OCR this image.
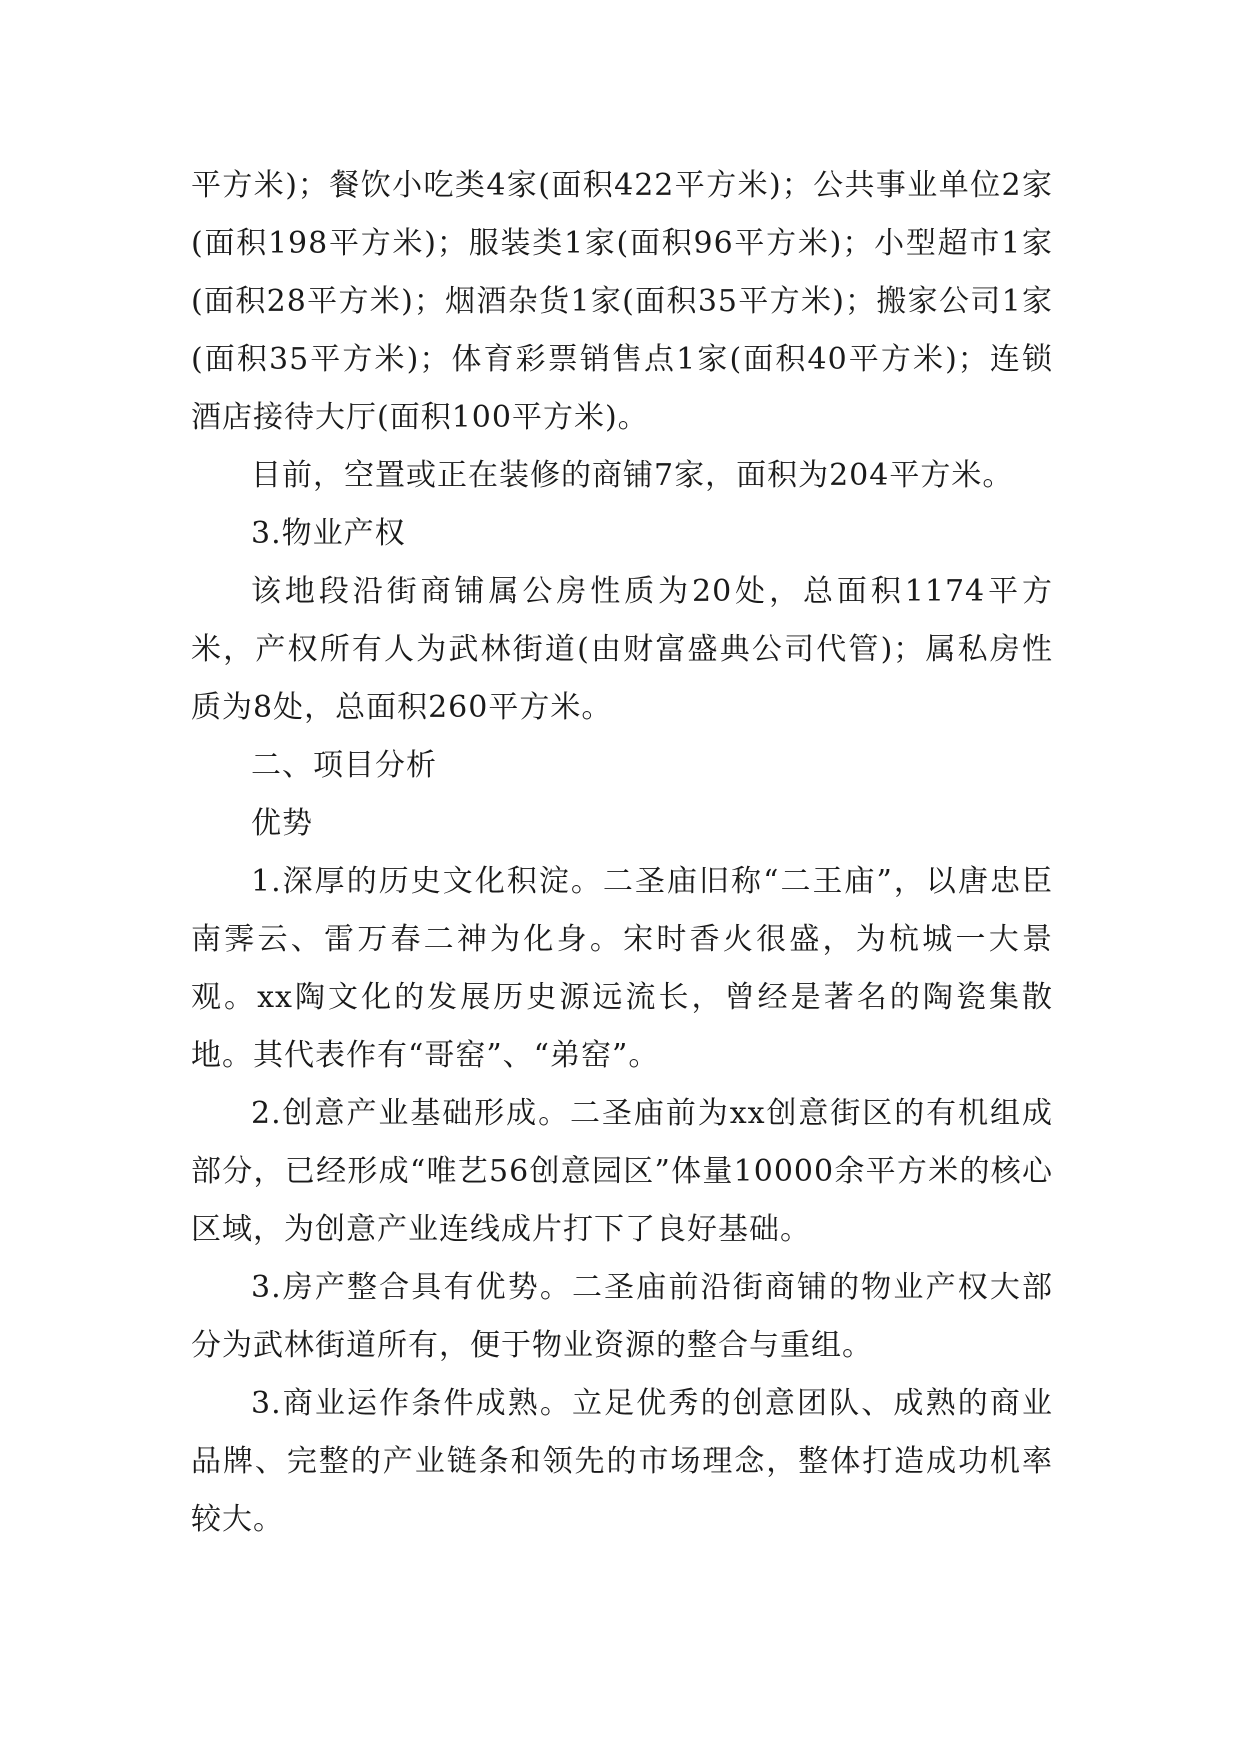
平方米)；餐饮小吃类4家(面积422平方米)；公共事业单位2家(面积198平方米)；服装类1家(面积96平方米)；小型超市1家(面积28平方米)；烟酒杂货1家(面积35平方米)；搬家公司1家(面积35平方米)；体育彩票销售点1家(面积40平方米)；连锁酒店接待大厅(面积100平方米)。

目前，空置或正在装修的商铺7家，面积为204平方米。

3.物业产权

该地段沿街商铺属公房性质为20处，总面积1174平方米，产权所有人为武林街道(由财富盛典公司代管)；属私房性质为8处，总面积260平方米。

二、项目分析

优势

1.深厚的历史文化积淀。二圣庙旧称“二王庙”，以唐忠臣南霁云、雷万春二神为化身。宋时香火很盛，为杭城一大景观。xx陶文化的发展历史源远流长，曾经是著名的陶瓷集散地。其代表作有“哥窑”、“弟窑”。

2.创意产业基础形成。二圣庙前为xx创意街区的有机组成部分，已经形成“唯艺56创意园区”体量10000余平方米的核心区域，为创意产业连线成片打下了良好基础。

3.房产整合具有优势。二圣庙前沿街商铺的物业产权大部分为武林街道所有，便于物业资源的整合与重组。

3.商业运作条件成熟。立足优秀的创意团队、成熟的商业品牌、完整的产业链条和领先的市场理念，整体打造成功机率较大。
